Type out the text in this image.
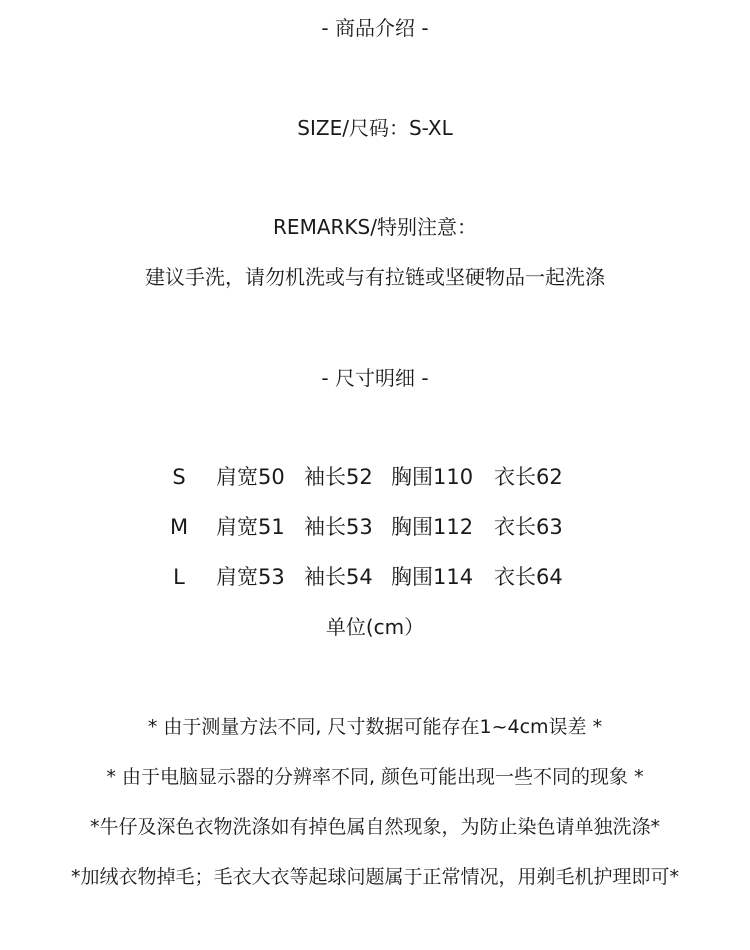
- 商品介绍 -
SIZE/尺码：S-XL
REMARKS/特别注意：
建议手洗，请勿机洗或与有拉链或坚硬物品一起洗涤
- 尺寸明细 -
S	肩宽50 袖长52 胸围110 衣长62
M 肩宽51 袖长53 胸围112 衣长63
L	肩宽53 袖长54 胸围114 衣长64
单位(cm）
* 由于测量方法不同, 尺寸数据可能存在1~4cm误差 *
* 由于电脑显示器的分辨率不同, 颜色可能出现一些不同的现象 *
*牛仔及深色衣物洗涤如有掉色属自然现象，为防止染色请单独洗涤*
*加绒衣物掉毛；毛衣大衣等起球问题属于正常情况，用剃毛机护理即可*
